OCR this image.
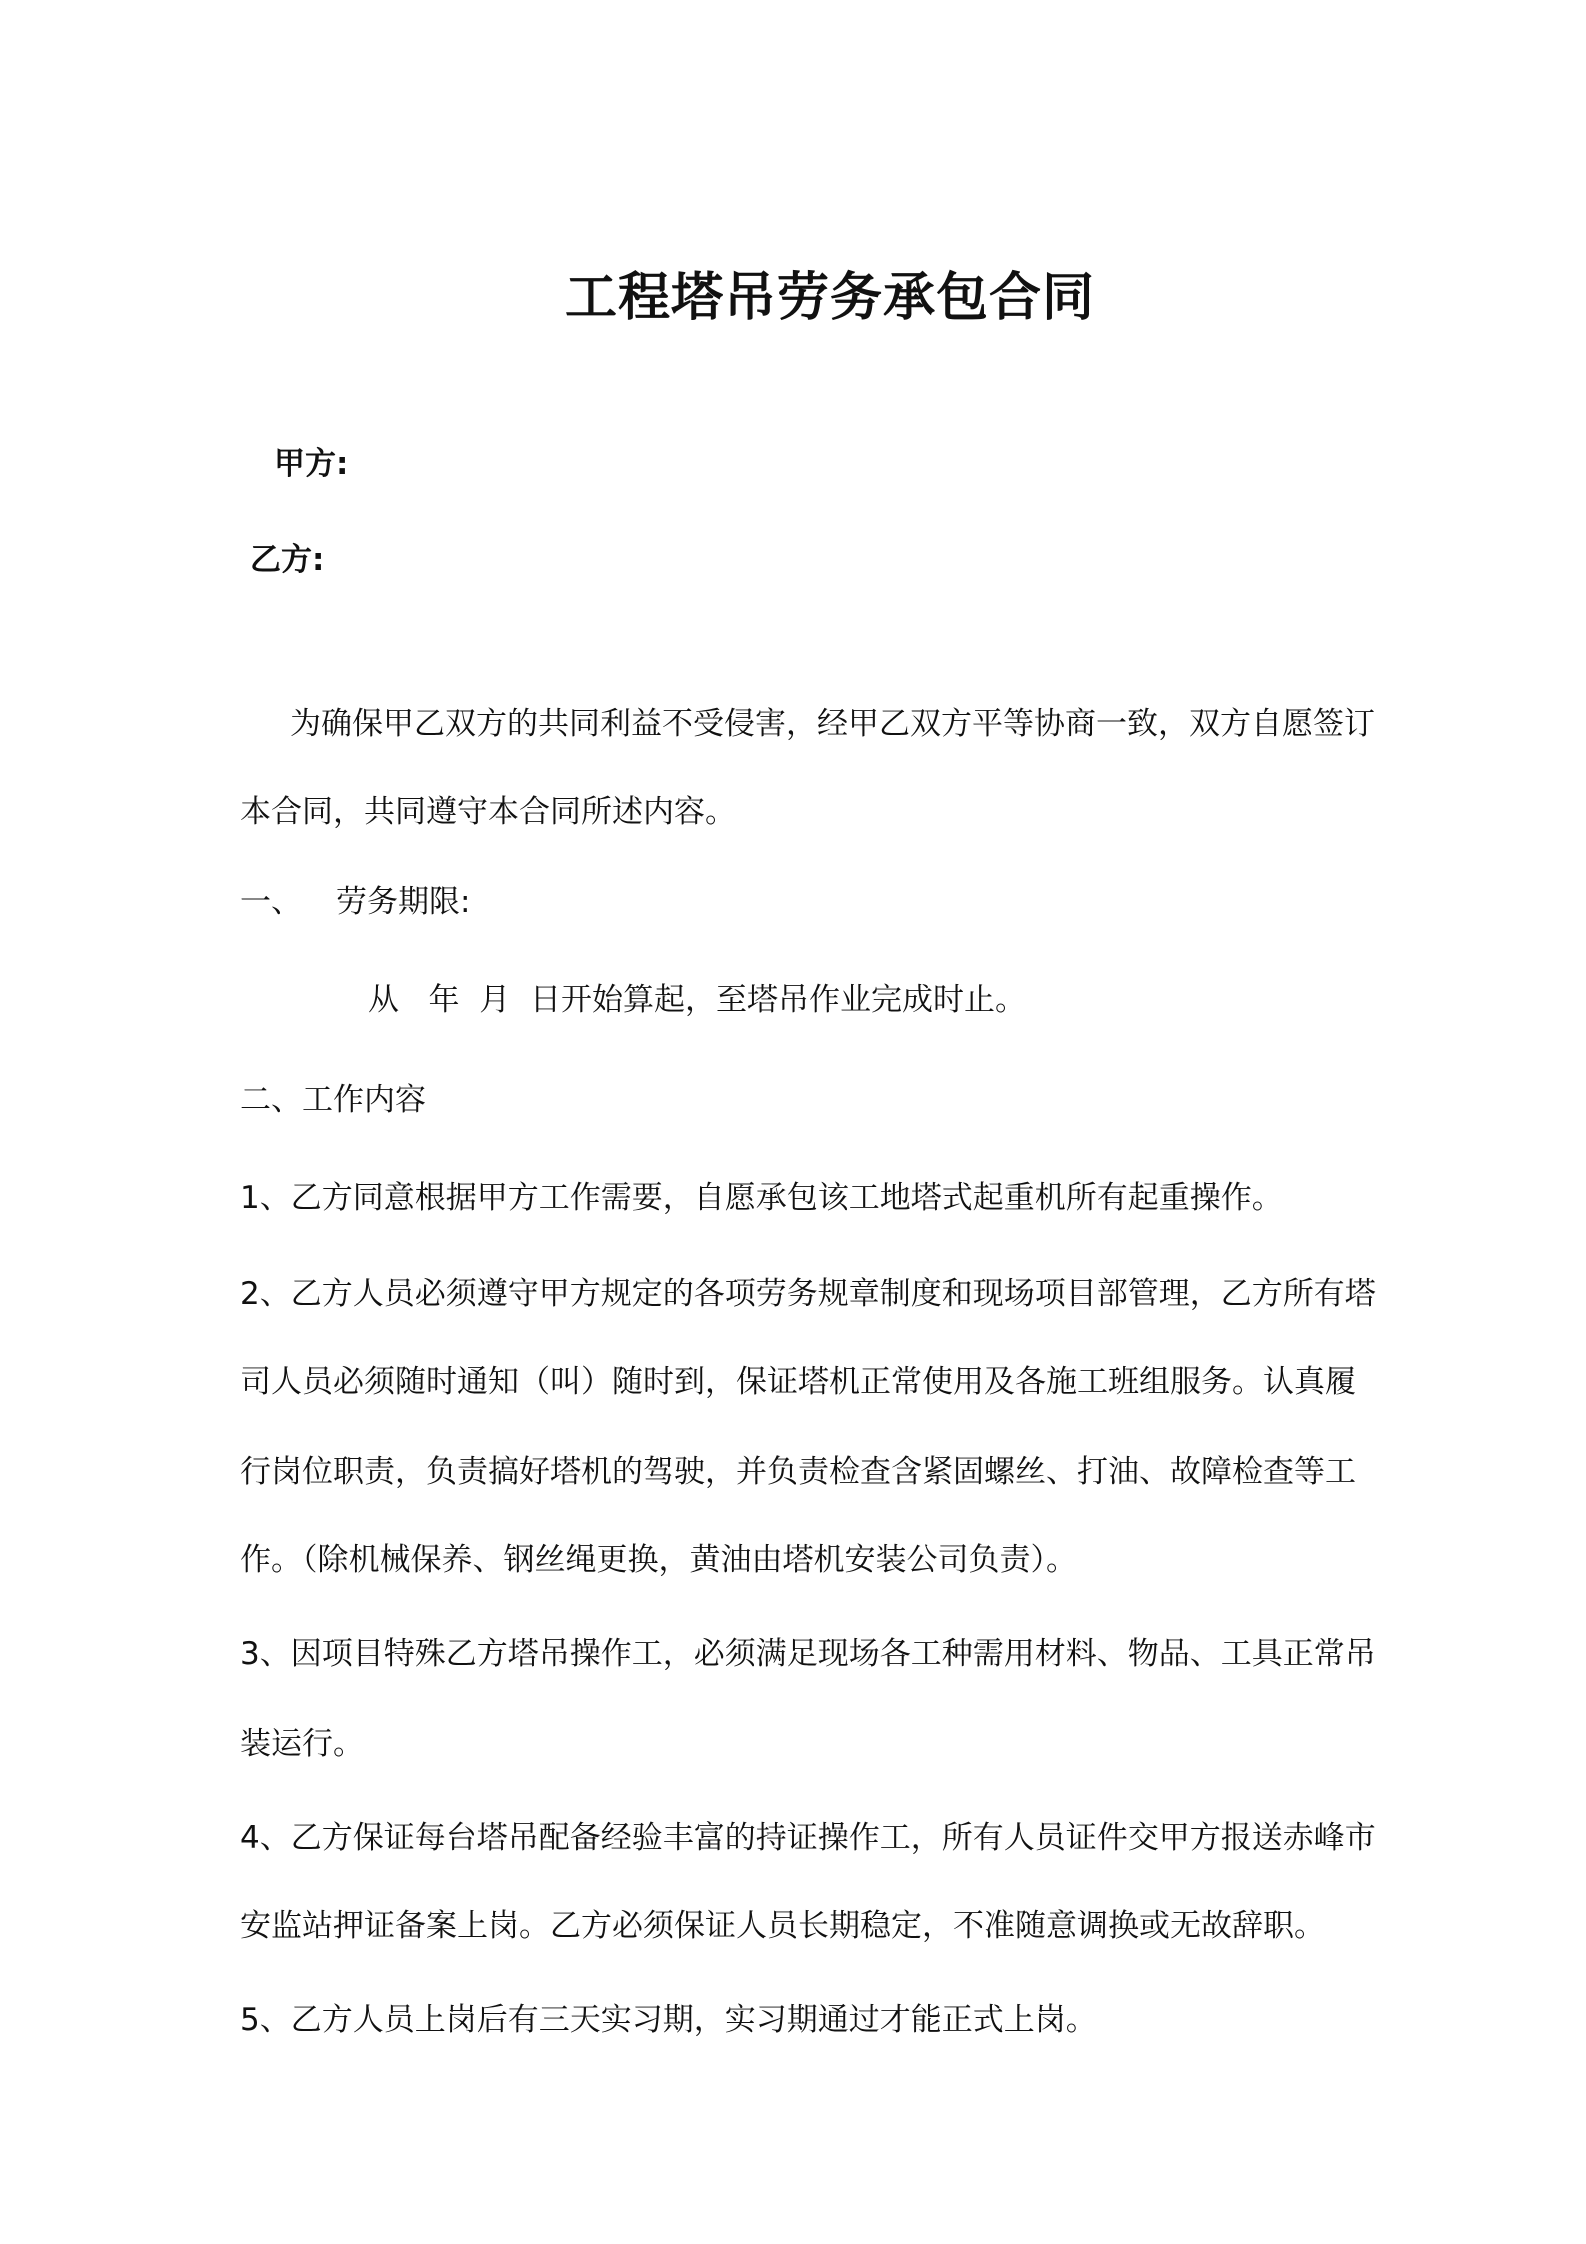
工程塔吊劳务承包合同
甲方:
乙方:
为确保甲乙双方的共同利益不受侵害，经甲乙双方平等协商一致，双方自愿签订
本合同，共同遵守本合同所述内容。
一、 劳务期限:
从   年  月  日开始算起，至塔吊作业完成时止。
二、工作内容
1、乙方同意根据甲方工作需要，自愿承包该工地塔式起重机所有起重操作。
2、乙方人员必须遵守甲方规定的各项劳务规章制度和现场项目部管理，乙方所有塔
司人员必须随时通知（叫）随时到，保证塔机正常使用及各施工班组服务。认真履
行岗位职责，负责搞好塔机的驾驶，并负责检查含紧固螺丝、打油、故障检查等工
作。（除机械保养、钢丝绳更换，黄油由塔机安装公司负责）。
3、因项目特殊乙方塔吊操作工，必须满足现场各工种需用材料、物品、工具正常吊
装运行。
4、乙方保证每台塔吊配备经验丰富的持证操作工，所有人员证件交甲方报送赤峰市
安监站押证备案上岗。乙方必须保证人员长期稳定，不准随意调换或无故辞职。
5、乙方人员上岗后有三天实习期，实习期通过才能正式上岗。
